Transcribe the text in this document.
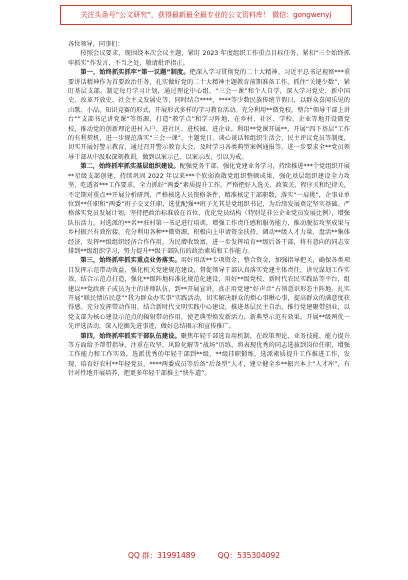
关注头条号“公文研究”，获得最新最全最专业的公文资料库！ 微信：gongwenyj

各位领导，同事们：

按照会议要求，现围绕本次会议主题，紧盯 2023 年度组织工作重点目标任务，紧扣“三个始终抓牢抓实”作发言，不当之处，敬请批评指正。

第一，始终抓实抓牢“第一议题”制度。把深入学习贯彻党的二十大精神、习近平总书记视察***重要讲话精神作为首要政治任务，扎实做好党的二十大精神主题教育前期准备工作，抓住“关键少数”，紧盯基层支部，制定每月学习计划，通过理论中心组、“三会一课”和个人自学，深入学习党史、新中国史、改革开放史、社会主义发展史等，同时结合****、****等少数民族传统节假日，以群众喜闻乐见的山歌、小品、知识竞赛的形式，开展形式多样的学习教育活动。充分利用**微党校，整合“领导干部上讲台”“支部书记讲党课”等资源，打造“教学点”和学习阵地，在乡村、社区、学校、企业等地开设微党校，推动党的创新理论进村入户、进社区、进校园、进企业。利用**党课开展**，开展“四下基层”工作的有利契机，进一步规范落实“三会一课”、主题党日、谈心谈话和组织生活会、民主评议党员等制度，切实开展好警示教育，通过召开警示教育大会、及时学习各类典型案例通报等，进一步要求全**党员领导干部从中汲取深刻教训，做到以案示己、以案示改，引以为戒。

第二，始终抓牢抓实基层组织建设。配强党务干部，强化党建业务学习，持续推进***个党组织开展**星级支部创建，持续巩固 2022 年以来***个软弱涣散党组织整顿成果，强化基层组织建设全力攻坚，吃透省***工作要求，全力抓好“两委”素质提升工作。严格把好人选关、政策关、程序关和纪律关，不定期对重点**开展分析研判，严格核选人员资格条件，精准核定干部职数，落实“一肩挑”，企事业单位到**任职和“两委”班子交叉任职，选优配强**班子尤其是党组织书记，为后续发展奠定坚实基础。严格落实党员发展计划，坚持把政治标准放在首位，优化党员结构（特别是非公企业党员发展比例），增强队伍活力。对选派的**名**驻村第一书记进行培训，增强工作责任感和服务能力，推动脱贫攻坚成果与乡村振兴有效衔接。充分利用各种**微资源，积极向上申请资金扶持，调动**级人才力量，盘活**集体经济，发挥**级组织经济合作作用，为民增收致富，进一步发挥培育**级后备干部，将有意向的同志安排到**级组织学习，努力提升**级于部队伍的政治素质和工作能力。

第三，始终抓牢抓实重点业务落实。用好用活**专项资金，整合资金，加强指导把关，确保各类项目发挥示范带动效益，强化机关党建规范建设，督促领导干部认真落实党建主体责任，讲究谋划工作实效，结合示范点打造，强化**级阵地标准化规范化建设，用好**级党校、新时代农民实践站等平台，组建以**党政班子成员为主的讲师队伍，到**开展宣讲，真正用党建“好声音”占领意识形态主阵地。扎实开展“联民情访民意”“我为群众办实事”实践活动，切实解决群众的烦心事揪心事，提高群众的满意度获得感。充分发挥带动作用，结合新时代文明实践中心建设，推进基层民主自治，推行党建聚带创业，以党支部为核心建设示范点的辐射带动作用，使老典型焕发新活力，新典型示范有效果。开展**级两优一先评选活动，深入挖掘先进事迹，做好总结揭示和宣传推广。

第四，始终抓牢抓实干部队伍建设。聚焦年轻干部选育用机制，在政策理论、业务技能、能力提升等方面给予帮带指导，注重在攻坚、风险化解等“战场”历练，将表现优秀的同志选拔到岗位任职，增强工作能力和工作实效。选派优秀的年轻干部到**级、**级挂职锻炼，选派素质提升工作推进工作，发现、培育好农村**年轻党员，****两委成员等后备“后备型”人才，建立健全乡**振兴本土“人才库”，有针对性地开展培养，把更多年轻干部推上“快车道”。

QQ 群：31991489	QQ：535304092
